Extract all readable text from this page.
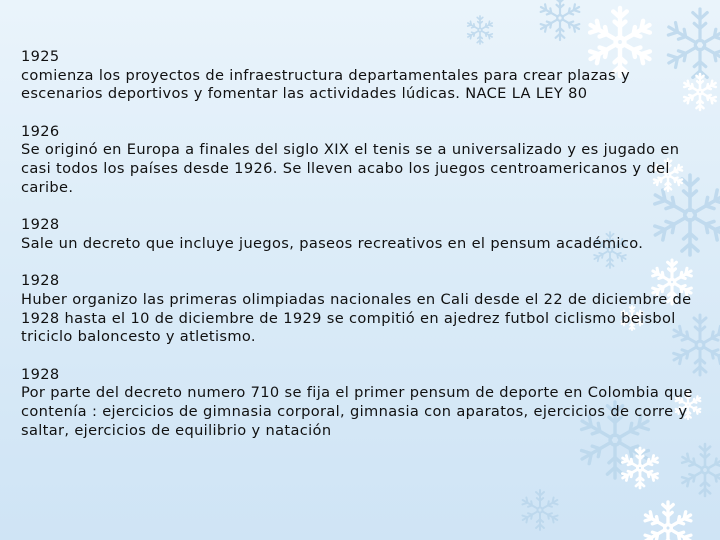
1925
comienza los proyectos de infraestructura departamentales para crear plazas y escenarios deportivos y fomentar las actividades lúdicas. NACE LA LEY 80
1926
Se originó en Europa a finales del siglo XIX el tenis se a universalizado y es jugado en casi todos los países desde 1926. Se lleven acabo los juegos centroamericanos y del caribe.
1928
Sale un decreto que incluye juegos, paseos recreativos en el pensum académico.
1928
Huber organizo las primeras olimpiadas nacionales en Cali desde el 22 de diciembre de 1928 hasta el 10 de diciembre de 1929 se compitió en ajedrez futbol ciclismo beisbol triciclo baloncesto y atletismo.
1928
Por parte del decreto numero 710 se fija el primer pensum de deporte en Colombia que contenía : ejercicios de gimnasia corporal, gimnasia con aparatos, ejercicios de corre y saltar, ejercicios de equilibrio y natación
